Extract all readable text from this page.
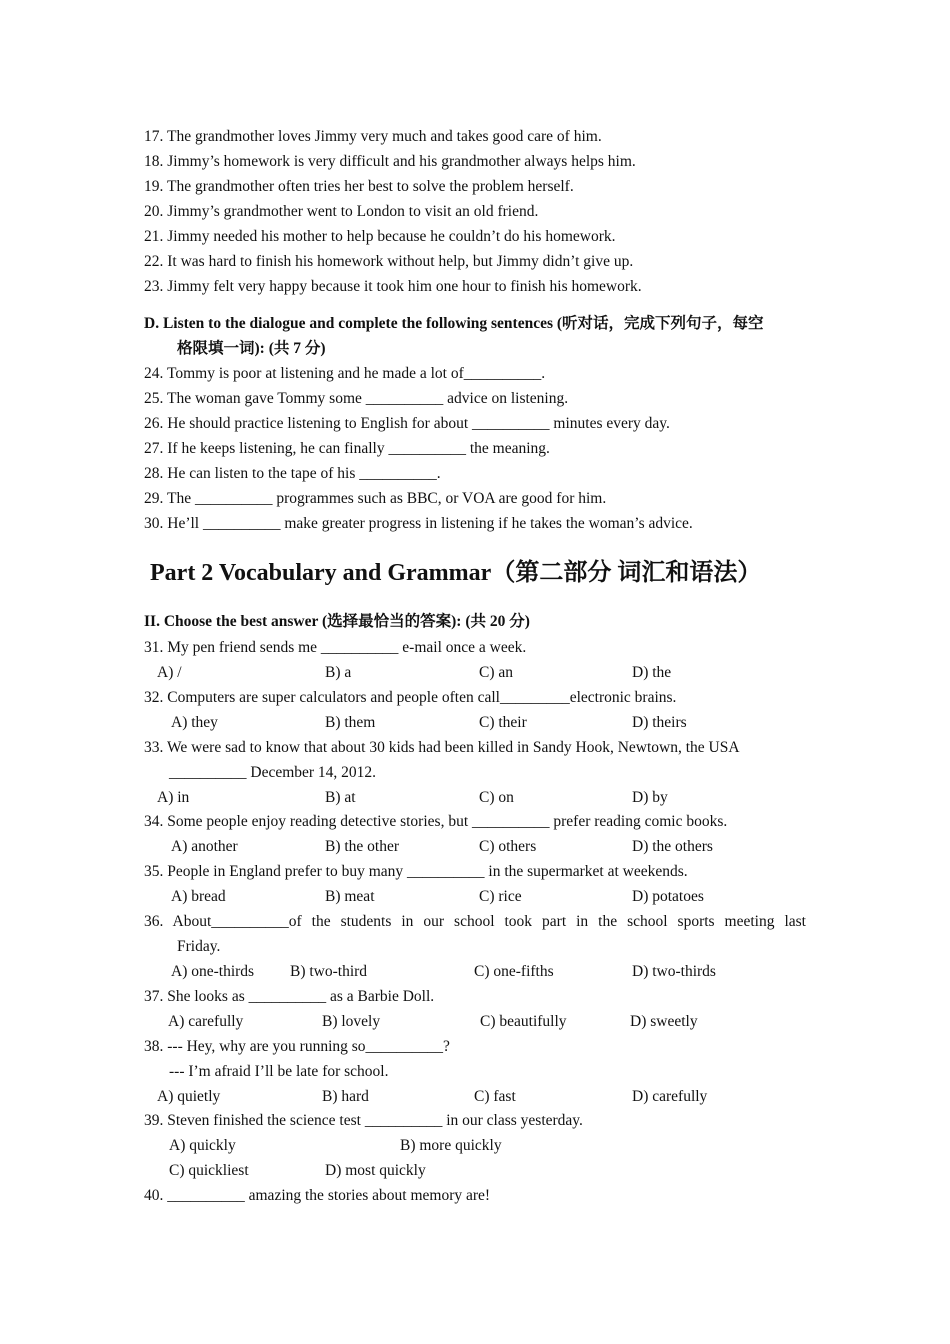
17. The grandmother loves Jimmy very much and takes good care of him.
18. Jimmy’s homework is very difficult and his grandmother always helps him.
19. The grandmother often tries her best to solve the problem herself.
20. Jimmy’s grandmother went to London to visit an old friend.
21. Jimmy needed his mother to help because he couldn’t do his homework.
22. It was hard to finish his homework without help, but Jimmy didn’t give up.
23. Jimmy felt very happy because it took him one hour to finish his homework.
D. Listen to the dialogue and complete the following sentences (听对话，完成下列句子，每空
格限填一词): (共 7 分)
24. Tommy is poor at listening and he made a lot of__________.
25. The woman gave Tommy some __________ advice on listening.
26. He should practice listening to English for about __________ minutes every day.
27. If he keeps listening, he can finally __________ the meaning.
28. He can listen to the tape of his __________.
29. The __________ programmes such as BBC, or VOA are good for him.
30. He’ll __________ make greater progress in listening if he takes the woman’s advice.
Part 2 Vocabulary and Grammar（第二部分 词汇和语法）
II. Choose the best answer (选择最恰当的答案): (共 20 分)
31. My pen friend sends me __________ e-mail once a week.
A) /	B) a	C) an	D) the
32. Computers are super calculators and people often call_________electronic brains.
A) they	B) them	C) their	D) theirs
33. We were sad to know that about 30 kids had been killed in Sandy Hook, Newtown, the USA
__________ December 14, 2012.
A) in	B) at	C) on	D) by
34. Some people enjoy reading detective stories, but __________ prefer reading comic books.
A) another	B) the other	C) others	D) the others
35. People in England prefer to buy many __________ in the supermarket at weekends.
A) bread	B) meat	C) rice	D) potatoes
36. About__________of the students in our school took part in the school sports meeting last
Friday.
A) one-thirds B) two-third	C) one-fifths	D) two-thirds
37. She looks as __________ as a Barbie Doll.
A) carefully	B) lovely	C) beautifully	D) sweetly
38. --- Hey, why are you running so__________?
--- I’m afraid I’ll be late for school.
A) quietly	B) hard	C) fast	D) carefully
39. Steven finished the science test __________ in our class yesterday.
A) quickly	B) more quickly
C) quickliest	D) most quickly
40. __________ amazing the stories about memory are!
